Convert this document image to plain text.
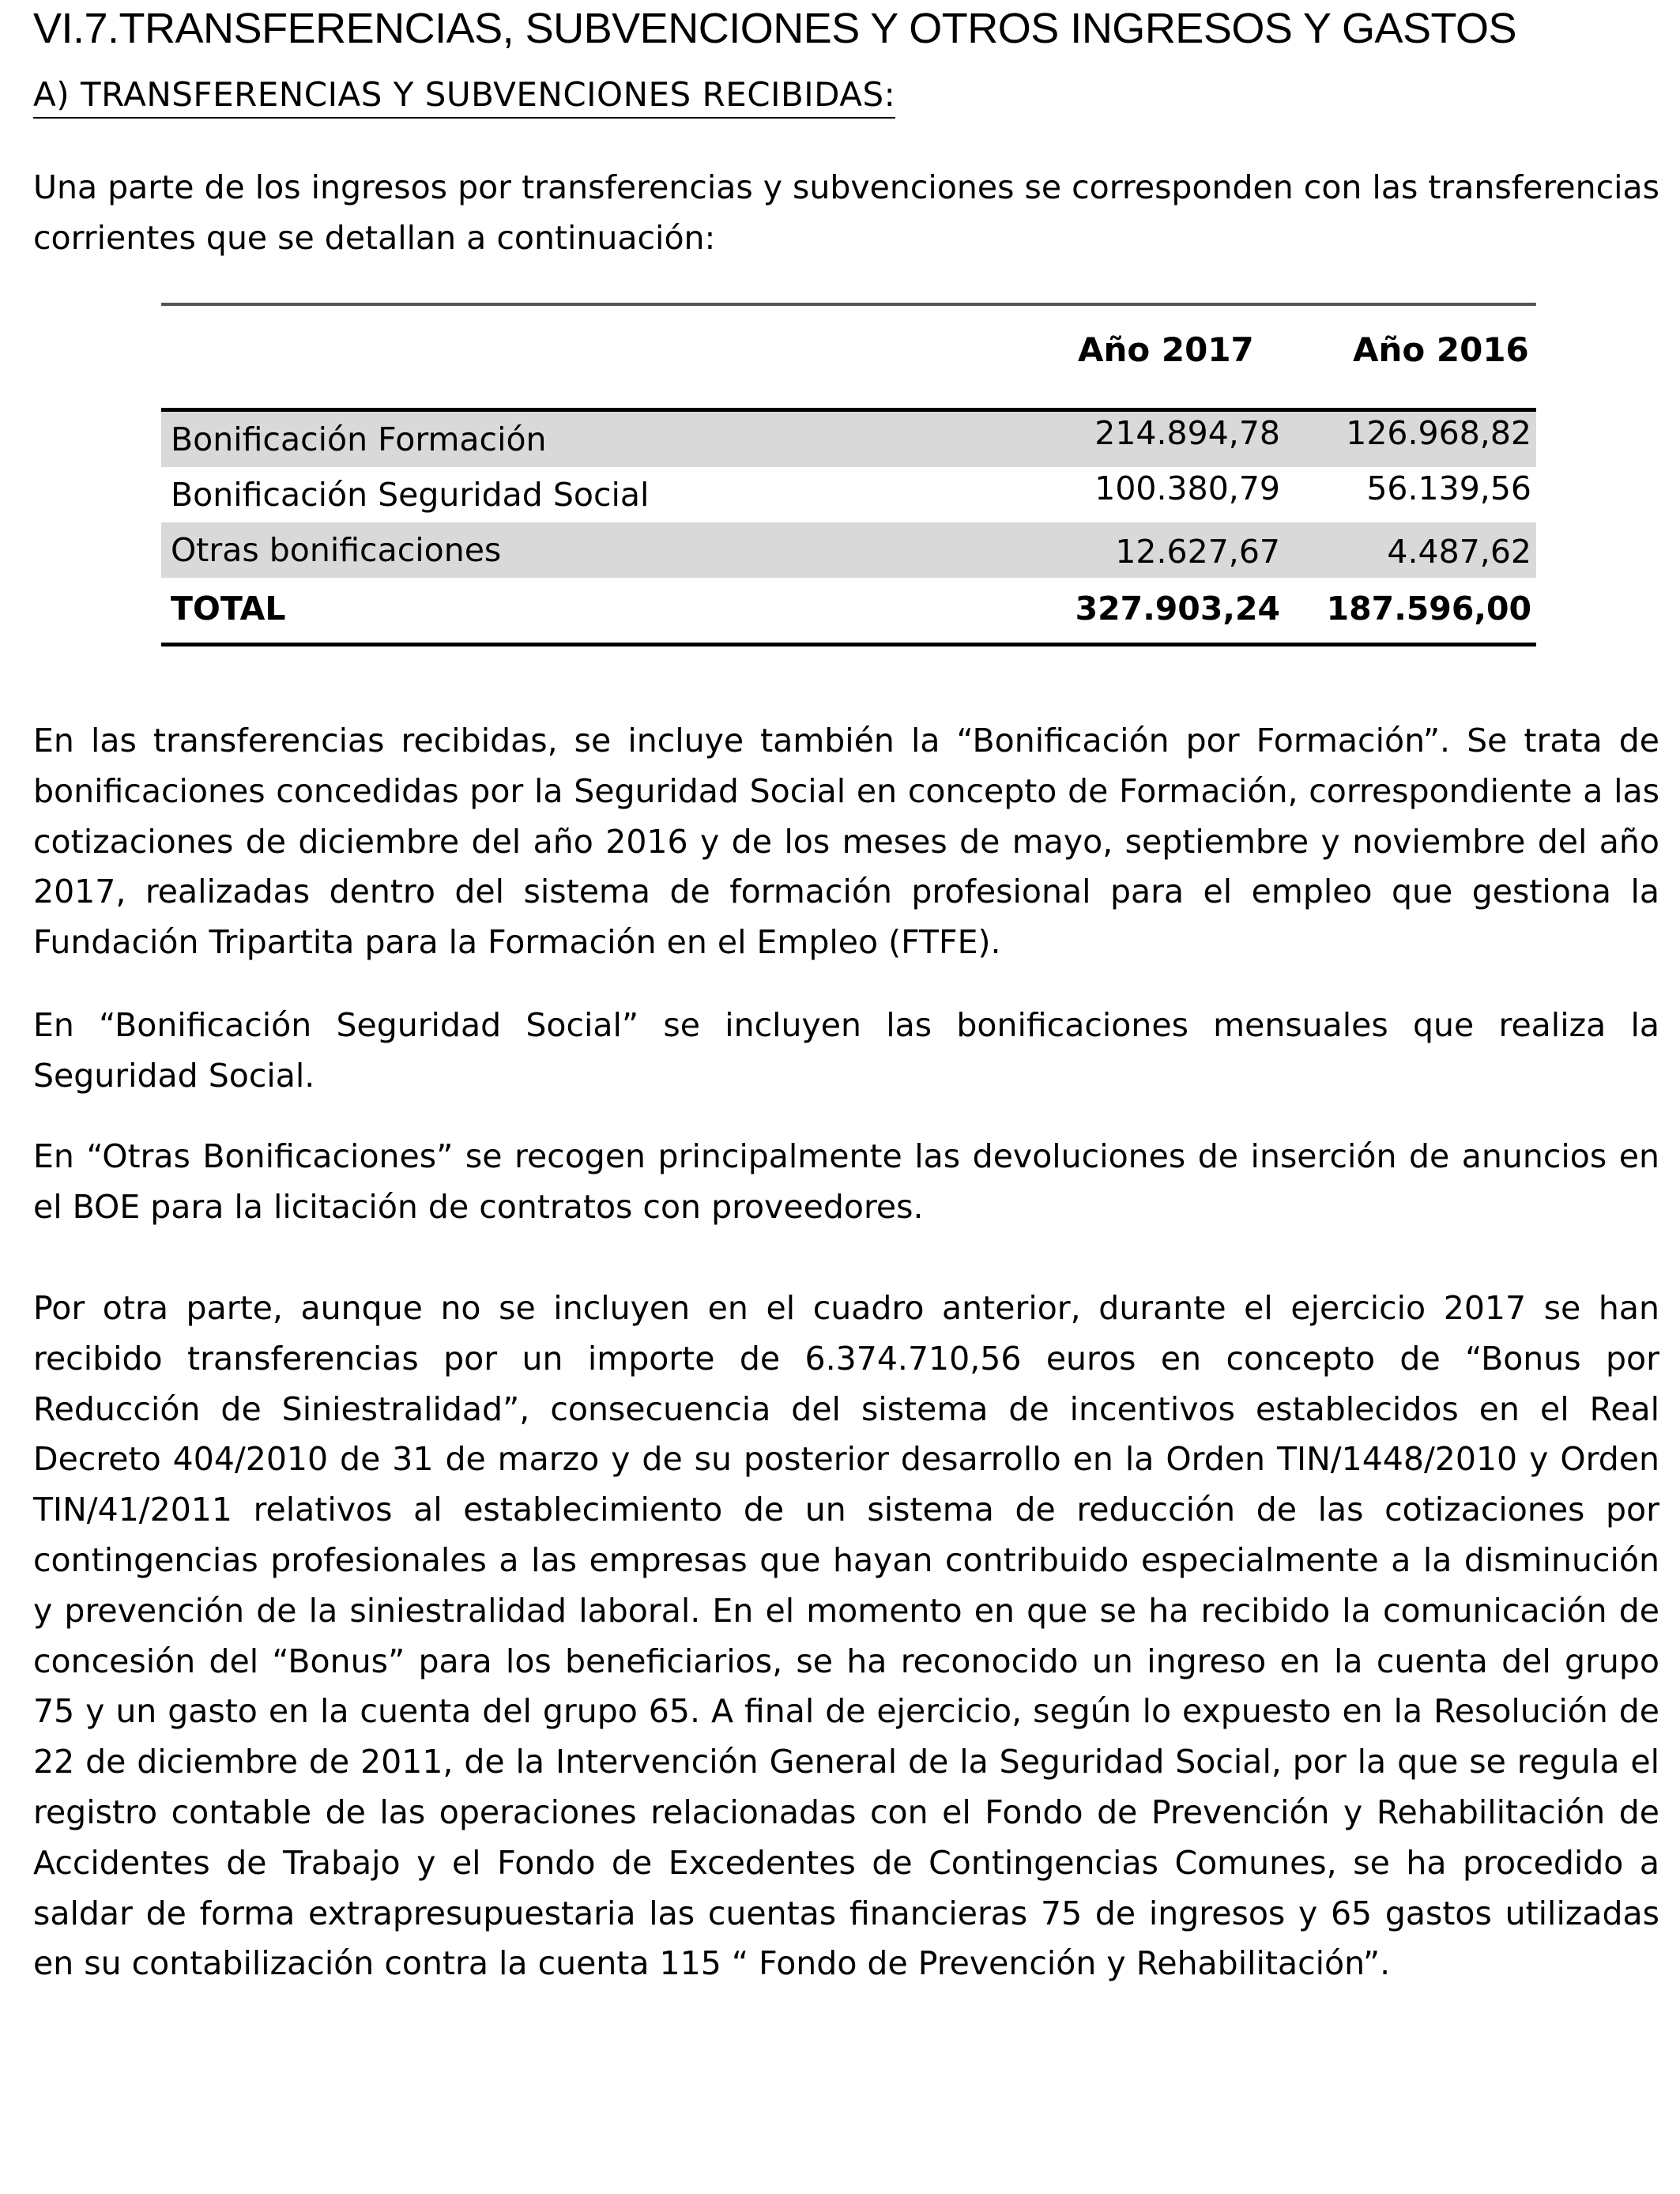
VI.7.TRANSFERENCIAS, SUBVENCIONES Y OTROS INGRESOS Y GASTOS
A) TRANSFERENCIAS Y SUBVENCIONES RECIBIDAS:

Una parte de los ingresos por transferencias y subvenciones se corresponden con las transferencias corrientes que se detallan a continuación:

Año 2017	Año 2016
Bonificación Formación	214.894,78 126.968,82
Bonificación Seguridad Social	100.380,79	56.139,56
Otras bonificaciones	12.627,67	4.487,62
TOTAL	327.903,24 187.596,00

En las transferencias recibidas, se incluye también la “Bonificación por Formación”. Se trata de bonificaciones concedidas por la Seguridad Social en concepto de Formación, correspondiente a las cotizaciones de diciembre del año 2016 y de los meses de mayo, septiembre y noviembre del año 2017, realizadas dentro del sistema de formación profesional para el empleo que gestiona la Fundación Tripartita para la Formación en el Empleo (FTFE).

En “Bonificación Seguridad Social” se incluyen las bonificaciones mensuales que realiza la Seguridad Social.

En “Otras Bonificaciones” se recogen principalmente las devoluciones de inserción de anuncios en el BOE para la licitación de contratos con proveedores.

Por otra parte, aunque no se incluyen en el cuadro anterior, durante el ejercicio 2017 se han recibido transferencias por un importe de 6.374.710,56 euros en concepto de “Bonus por Reducción de Siniestralidad”, consecuencia del sistema de incentivos establecidos en el Real Decreto 404/2010 de 31 de marzo y de su posterior desarrollo en la Orden TIN/1448/2010 y Orden TIN/41/2011 relativos al establecimiento de un sistema de reducción de las cotizaciones por contingencias profesionales a las empresas que hayan contribuido especialmente a la disminución y prevención de la siniestralidad laboral. En el momento en que se ha recibido la comunicación de concesión del “Bonus” para los beneficiarios, se ha reconocido un ingreso en la cuenta del grupo 75 y un gasto en la cuenta del grupo 65. A final de ejercicio, según lo expuesto en la Resolución de 22 de diciembre de 2011, de la Intervención General de la Seguridad Social, por la que se regula el registro contable de las operaciones relacionadas con el Fondo de Prevención y Rehabilitación de Accidentes de Trabajo y el Fondo de Excedentes de Contingencias Comunes, se ha procedido a saldar de forma extrapresupuestaria las cuentas financieras 75 de ingresos y 65 gastos utilizadas en su contabilización contra la cuenta 115 “ Fondo de Prevención y Rehabilitación”.
